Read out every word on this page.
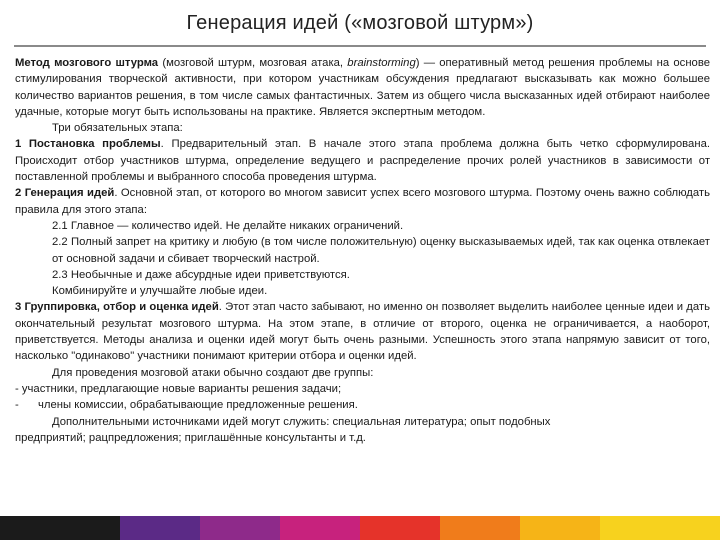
Генерация идей («мозговой штурм»)

Метод мозгового штурма (мозговой штурм, мозговая атака, brainstorming) — оперативный метод решения проблемы на основе стимулирования творческой активности, при котором участникам обсуждения предлагают высказывать как можно большее количество вариантов решения, в том числе самых фантастичных. Затем из общего числа высказанных идей отбирают наиболее удачные, которые могут быть использованы на практике. Является экспертным методом.

Три обязательных этапа:

1 Постановка проблемы. Предварительный этап. В начале этого этапа проблема должна быть четко сформулирована. Происходит отбор участников штурма, определение ведущего и распределение прочих ролей участников в зависимости от поставленной проблемы и выбранного способа проведения штурма.

2 Генерация идей. Основной этап, от которого во многом зависит успех всего мозгового штурма. Поэтому очень важно соблюдать правила для этого этапа:

2.1 Главное — количество идей. Не делайте никаких ограничений.

2.2 Полный запрет на критику и любую (в том числе положительную) оценку высказываемых идей, так как оценка отвлекает от основной задачи и сбивает творческий настрой.

2.3 Необычные и даже абсурдные идеи приветствуются.

Комбинируйте и улучшайте любые идеи.

3 Группировка, отбор и оценка идей. Этот этап часто забывают, но именно он позволяет выделить наиболее ценные идеи и дать окончательный результат мозгового штурма. На этом этапе, в отличие от второго, оценка не ограничивается, а наоборот, приветствуется. Методы анализа и оценки идей могут быть очень разными. Успешность этого этапа напрямую зависит от того, насколько "одинаково" участники понимают критерии отбора и оценки идей.

Для проведения мозговой атаки обычно создают две группы:

- участники, предлагающие новые варианты решения задачи;

-	члены комиссии, обрабатывающие предложенные решения.

Дополнительными источниками идей могут служить: специальная литература; опыт подобных

предприятий; рацпредложения; приглашённые консультанты и т.д.
